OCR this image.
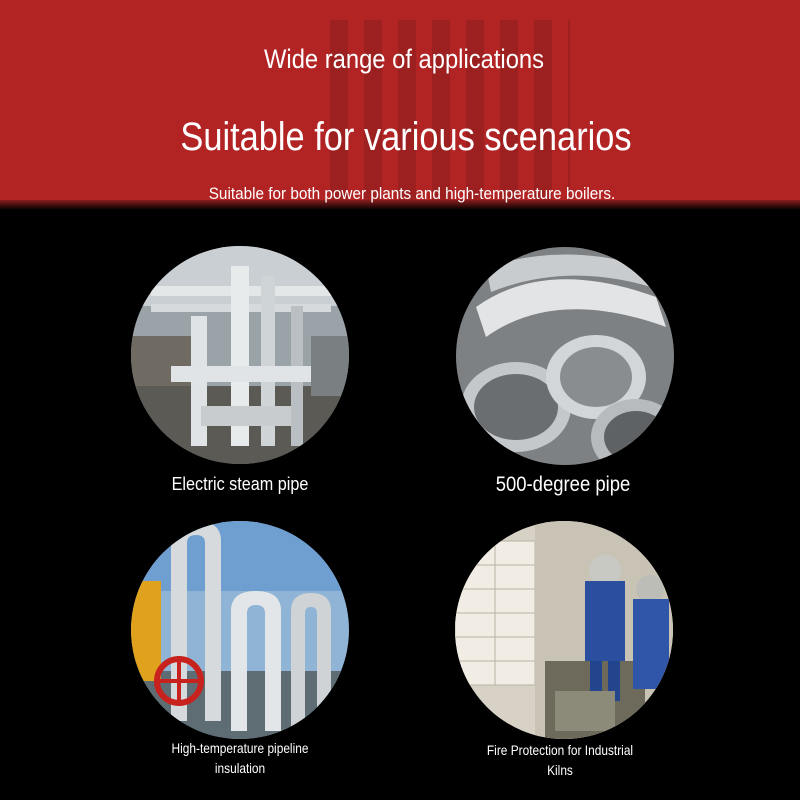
Wide range of applications
Suitable for various scenarios
Suitable for both power plants and high-temperature boilers.
Electric steam pipe	500-degree pipe
High-temperature pipeline
insulation
Fire Protection for Industrial
Kilns
